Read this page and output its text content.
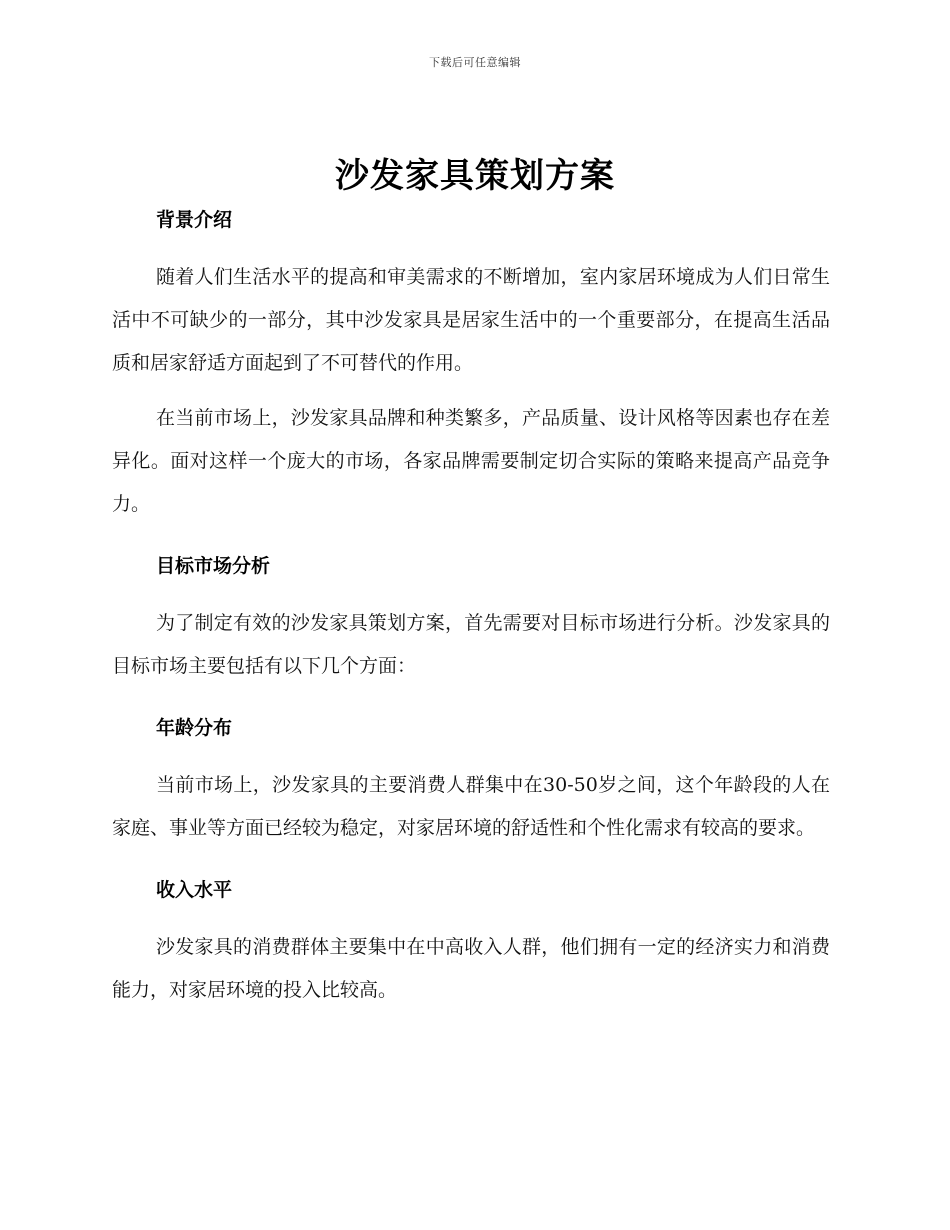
下载后可任意编辑
沙发家具策划方案
背景介绍

随着人们生活水平的提高和审美需求的不断增加，室内家居环境成为人们日常生活中不可缺少的一部分，其中沙发家具是居家生活中的一个重要部分，在提高生活品质和居家舒适方面起到了不可替代的作用。

在当前市场上，沙发家具品牌和种类繁多，产品质量、设计风格等因素也存在差异化。面对这样一个庞大的市场，各家品牌需要制定切合实际的策略来提高产品竞争力。

目标市场分析

为了制定有效的沙发家具策划方案，首先需要对目标市场进行分析。沙发家具的目标市场主要包括有以下几个方面：

年龄分布

当前市场上，沙发家具的主要消费人群集中在30-50岁之间，这个年龄段的人在家庭、事业等方面已经较为稳定，对家居环境的舒适性和个性化需求有较高的要求。

收入水平

沙发家具的消费群体主要集中在中高收入人群，他们拥有一定的经济实力和消费能力，对家居环境的投入比较高。
